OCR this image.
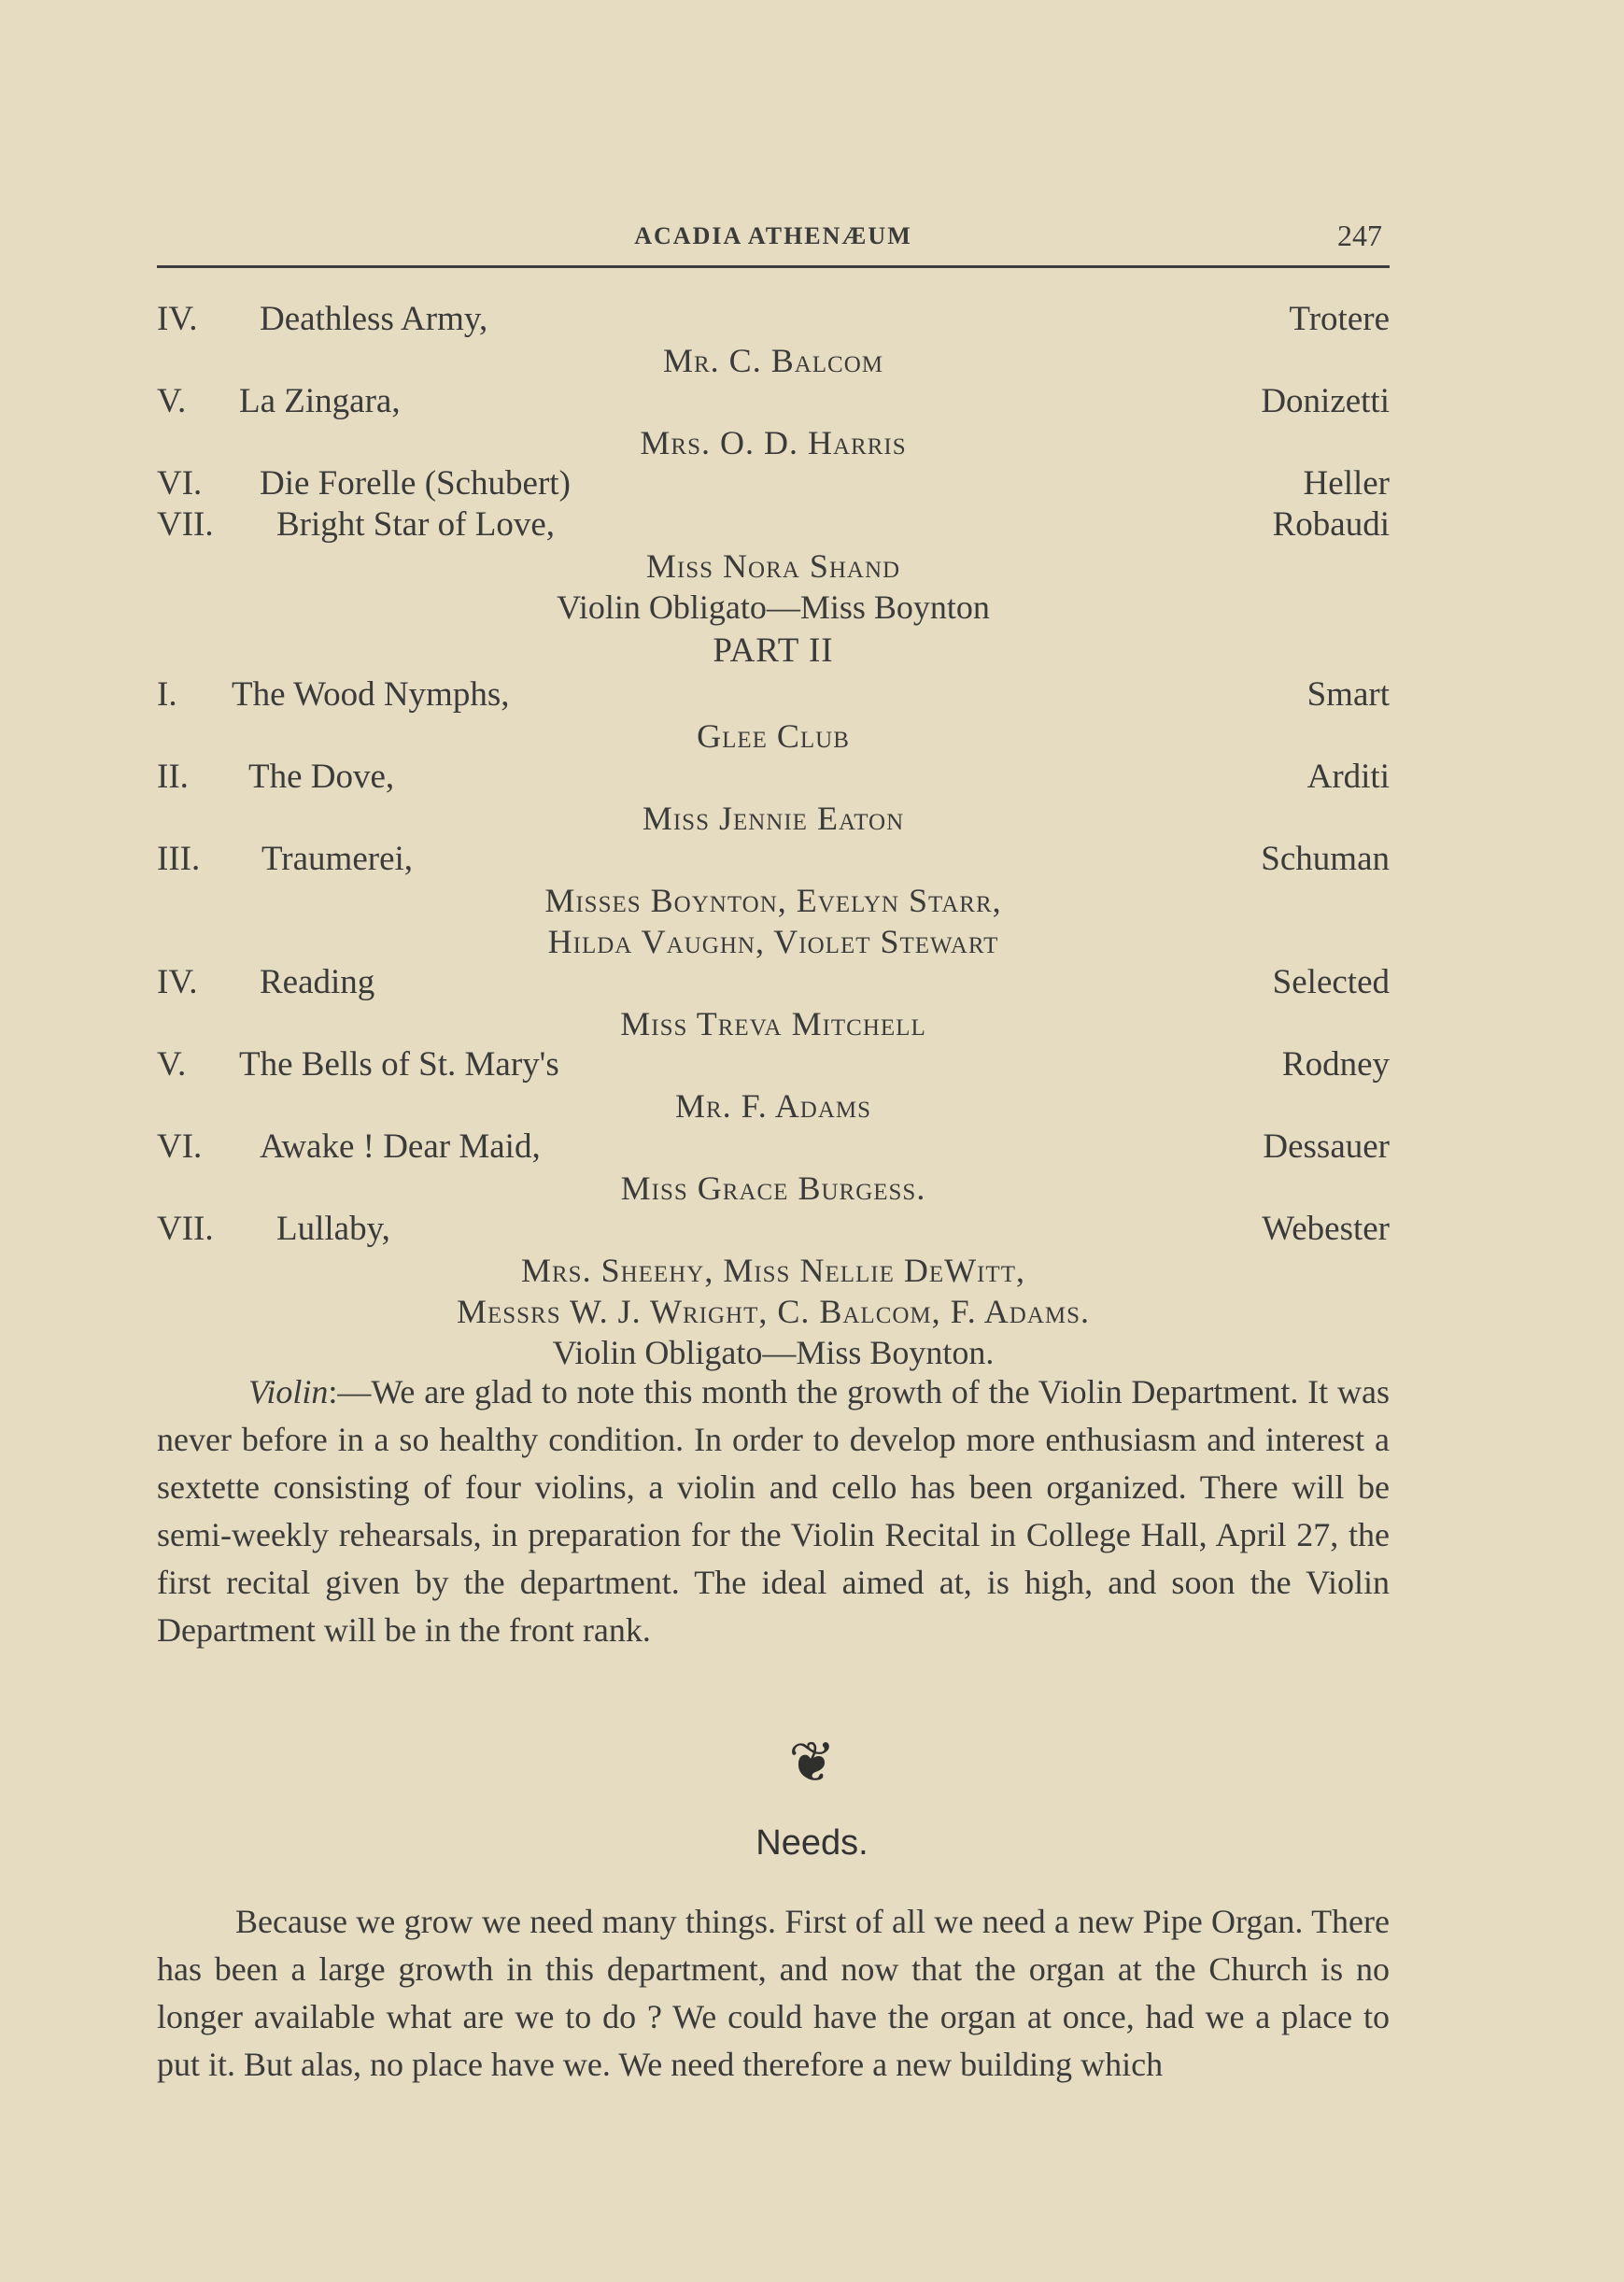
ACADIA ATHENÆUM	247
IV. Deathless Army,	Trotere
Mr. C. Balcom
V. La Zingara,	Donizetti
Mrs. O. D. Harris
VI. Die Forelle (Schubert)	Heller
VII. Bright Star of Love,	Robaudi
Miss Nora Shand
Violin Obligato—Miss Boynton
PART II
I. The Wood Nymphs,	Smart
Glee Club
II. The Dove,	Arditi
Miss Jennie Eaton
III. Traumerei,	Schuman
Misses Boynton, Evelyn Starr,
Hilda Vaughn, Violet Stewart
IV. Reading	Selected
Miss Treva Mitchell
V. The Bells of St. Mary's	Rodney
Mr. F. Adams
VI. Awake ! Dear Maid,	Dessauer
Miss Grace Burgess.
VII. Lullaby,	Webester
Mrs. Sheehy, Miss Nellie DeWitt,
Messrs W. J. Wright, C. Balcom, F. Adams.
Violin Obligato—Miss Boynton.

Violin:—We are glad to note this month the growth of the Violin Department. It was never before in a so healthy condition. In order to develop more enthusiasm and interest a sextette consisting of four violins, a violin and cello has been organized. There will be semi-weekly rehearsals, in preparation for the Violin Recital in College Hall, April 27, the first recital given by the department. The ideal aimed at, is high, and soon the Violin Department will be in the front rank.

❦
Needs.

Because we grow we need many things. First of all we need a new Pipe Organ. There has been a large growth in this department, and now that the organ at the Church is no longer available what are we to do ? We could have the organ at once, had we a place to put it. But alas, no place have we. We need therefore a new building which
